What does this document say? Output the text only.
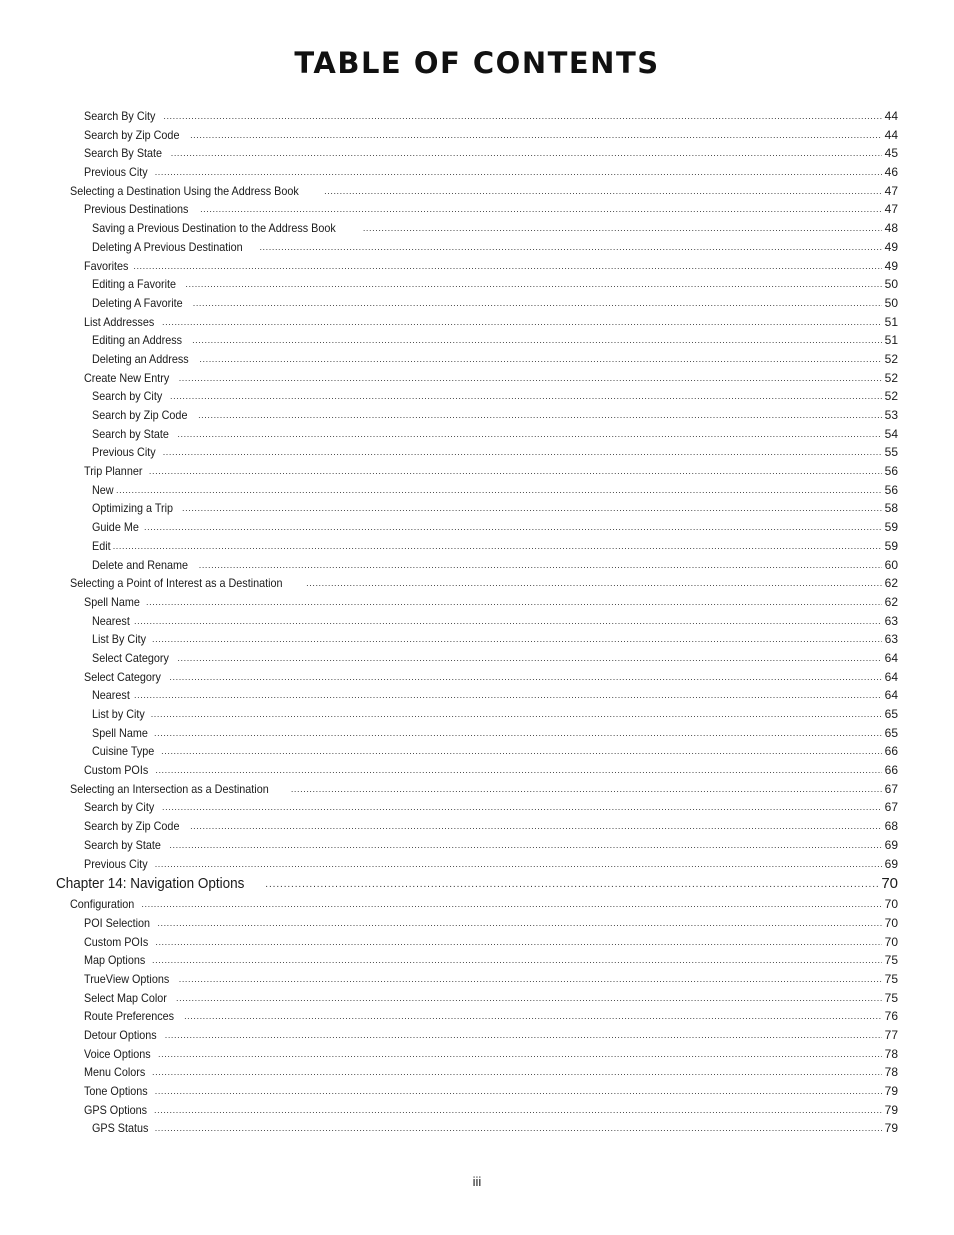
TABLE OF CONTENTS
Search By City .....	44
Search by Zip Code .....	44
Search By State .....	45
Previous City .....	46
Selecting a Destination Using the Address Book .....	47
Previous Destinations .....	47
Saving a Previous Destination to the Address Book .....	48
Deleting A Previous Destination .....	49
Favorites .....	49
Editing a Favorite .....	50
Deleting A Favorite .....	50
List Addresses .....	51
Editing an Address .....	51
Deleting an Address .....	52
Create New Entry .....	52
Search by City .....	52
Search by Zip Code .....	53
Search by State .....	54
Previous City .....	55
Trip Planner .....	56
New .....	56
Optimizing a Trip .....	58
Guide Me .....	59
Edit .....	59
Delete and Rename .....	60
Selecting a Point of Interest as a Destination .....	62
Spell Name .....	62
Nearest .....	63
List By City .....	63
Select Category .....	64
Select Category .....	64
Nearest .....	64
List by City .....	65
Spell Name .....	65
Cuisine Type .....	66
Custom POIs .....	66
Selecting an Intersection as a Destination .....	67
Search by City .....	67
Search by Zip Code .....	68
Search by State .....	69
Previous City .....	69
Chapter 14: Navigation Options .....	70
Configuration .....	70
POI Selection .....	70
Custom POIs .....	70
Map Options .....	75
TrueView Options .....	75
Select Map Color .....	75
Route Preferences .....	76
Detour Options .....	77
Voice Options .....	78
Menu Colors .....	78
Tone Options .....	79
GPS Options .....	79
GPS Status .....	79
iii
